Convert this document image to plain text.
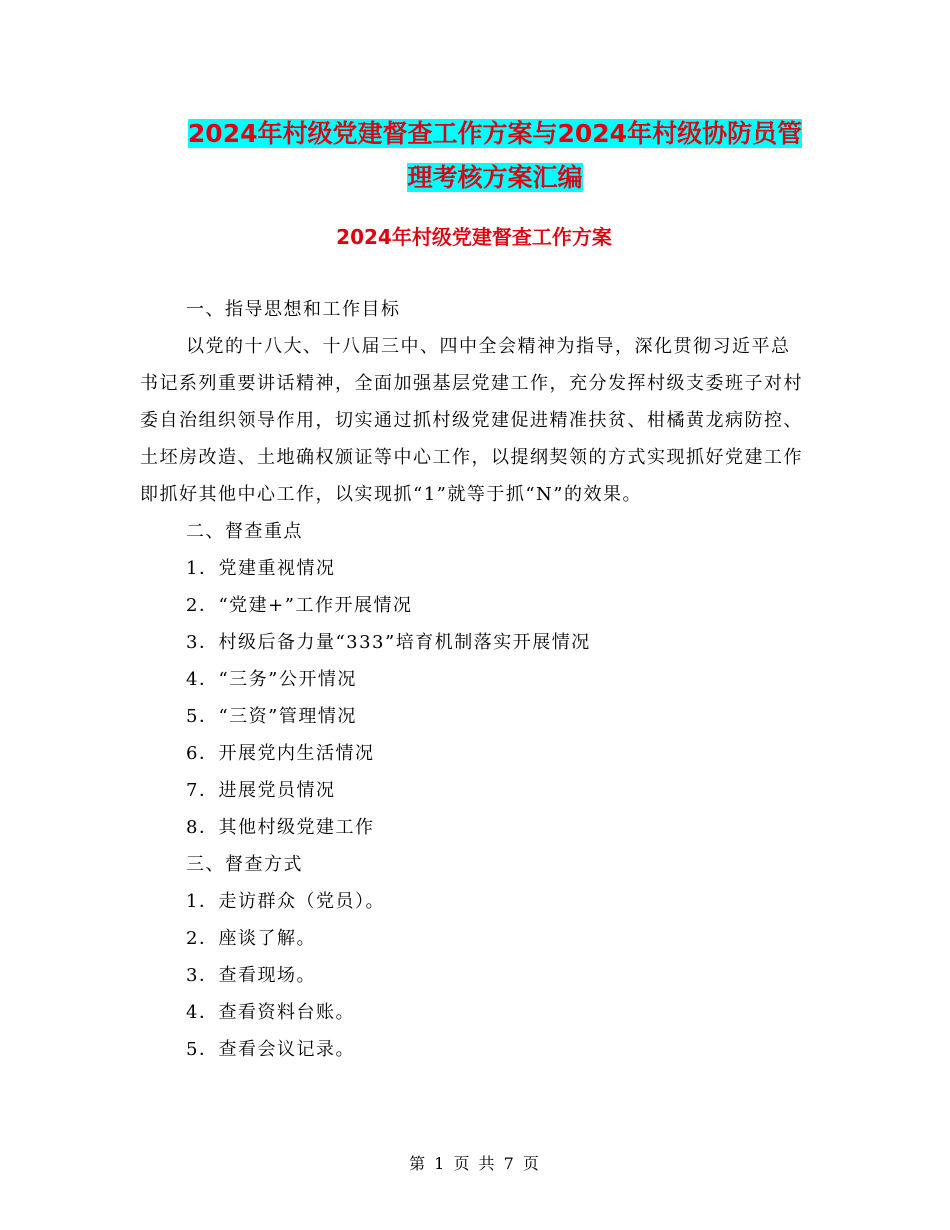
2024年村级党建督查工作方案与2024年村级协防员管
理考核方案汇编
2024年村级党建督查工作方案

一、指导思想和工作目标

以党的十八大、十八届三中、四中全会精神为指导，深化贯彻习近平总书记系列重要讲话精神，全面加强基层党建工作，充分发挥村级支委班子对村委自治组织领导作用，切实通过抓村级党建促进精准扶贫、柑橘黄龙病防控、土坯房改造、土地确权颁证等中心工作，以提纲契领的方式实现抓好党建工作即抓好其他中心工作，以实现抓“1”就等于抓“N”的效果。

二、督查重点

1．党建重视情况

2．“党建+”工作开展情况

3．村级后备力量“333”培育机制落实开展情况

4．“三务”公开情况

5．“三资”管理情况

6．开展党内生活情况

7．进展党员情况

8．其他村级党建工作

三、督查方式

1．走访群众（党员）。

2．座谈了解。

3．查看现场。

4．查看资料台账。

5．查看会议记录。

第 1 页 共 7 页
